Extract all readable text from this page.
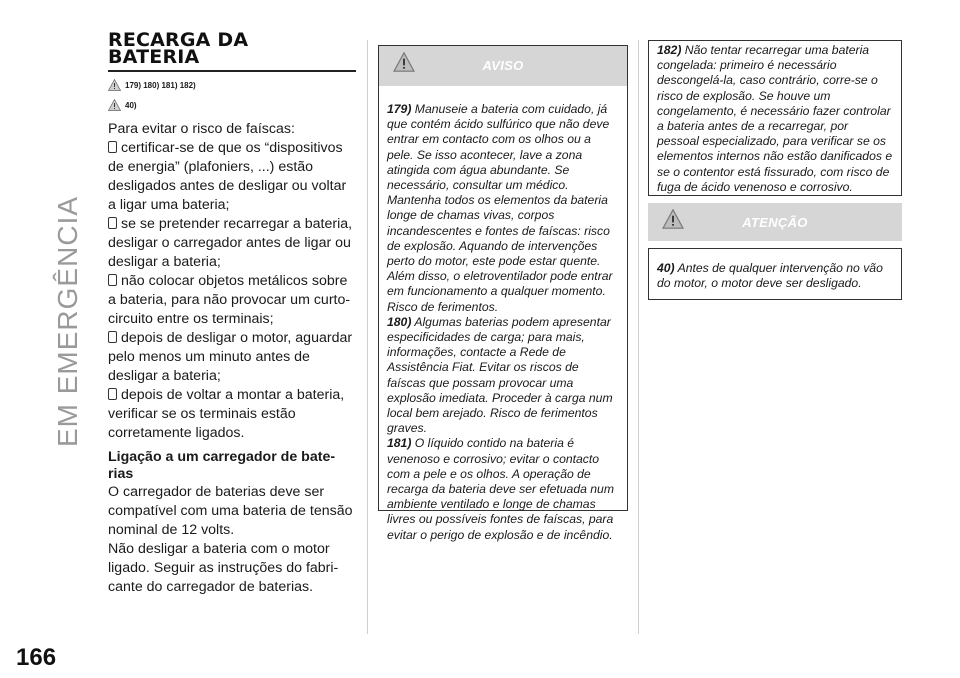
EM EMERGÊNCIA
166
RECARGA DA
BATERIA
179) 180) 181) 182)
40)

Para evitar o risco de faíscas:

certificar-se de que os “dispositivos de energia” (plafoniers, ...) estão desligados antes de desligar ou voltar a ligar uma bateria;

se se pretender recarregar a bateria, desligar o carregador antes de ligar ou desligar a bateria;

não colocar objetos metálicos sobre a bateria, para não provocar um curto-circuito entre os terminais;

depois de desligar o motor, aguardar pelo menos um minuto antes de desligar a bateria;

depois de voltar a montar a bateria, verificar se os terminais estão corretamente ligados.

Ligação a um carregador de bate-rias

O carregador de baterias deve ser compatível com uma bateria de tensão nominal de 12 volts.

Não desligar a bateria com o motor ligado. Seguir as instruções do fabri-cante do carregador de baterias.

AVISO

179) Manuseie a bateria com cuidado, já que contém ácido sulfúrico que não deve entrar em contacto com os olhos ou a pele. Se isso acontecer, lave a zona atingida com água abundante. Se necessário, consultar um médico. Mantenha todos os elementos da bateria longe de chamas vivas, corpos incandescentes e fontes de faíscas: risco de explosão. Aquando de intervenções perto do motor, este pode estar quente. Além disso, o eletroventilador pode entrar em funcionamento a qualquer momento. Risco de ferimentos.

180) Algumas baterias podem apresentar especificidades de carga; para mais, informações, contacte a Rede de Assistência Fiat. Evitar os riscos de faíscas que possam provocar uma explosão imediata. Proceder à carga num local bem arejado. Risco de ferimentos graves.

181) O líquido contido na bateria é venenoso e corrosivo; evitar o contacto com a pele e os olhos. A operação de recarga da bateria deve ser efetuada num ambiente ventilado e longe de chamas livres ou possíveis fontes de faíscas, para evitar o perigo de explosão e de incêndio.

182) Não tentar recarregar uma bateria congelada: primeiro é necessário descongelá-la, caso contrário, corre-se o risco de explosão. Se houve um congelamento, é necessário fazer controlar a bateria antes de a recarregar, por pessoal especializado, para verificar se os elementos internos não estão danificados e se o contentor está fissurado, com risco de fuga de ácido venenoso e corrosivo.

ATENÇÃO

40) Antes de qualquer intervenção no vão do motor, o motor deve ser desligado.
